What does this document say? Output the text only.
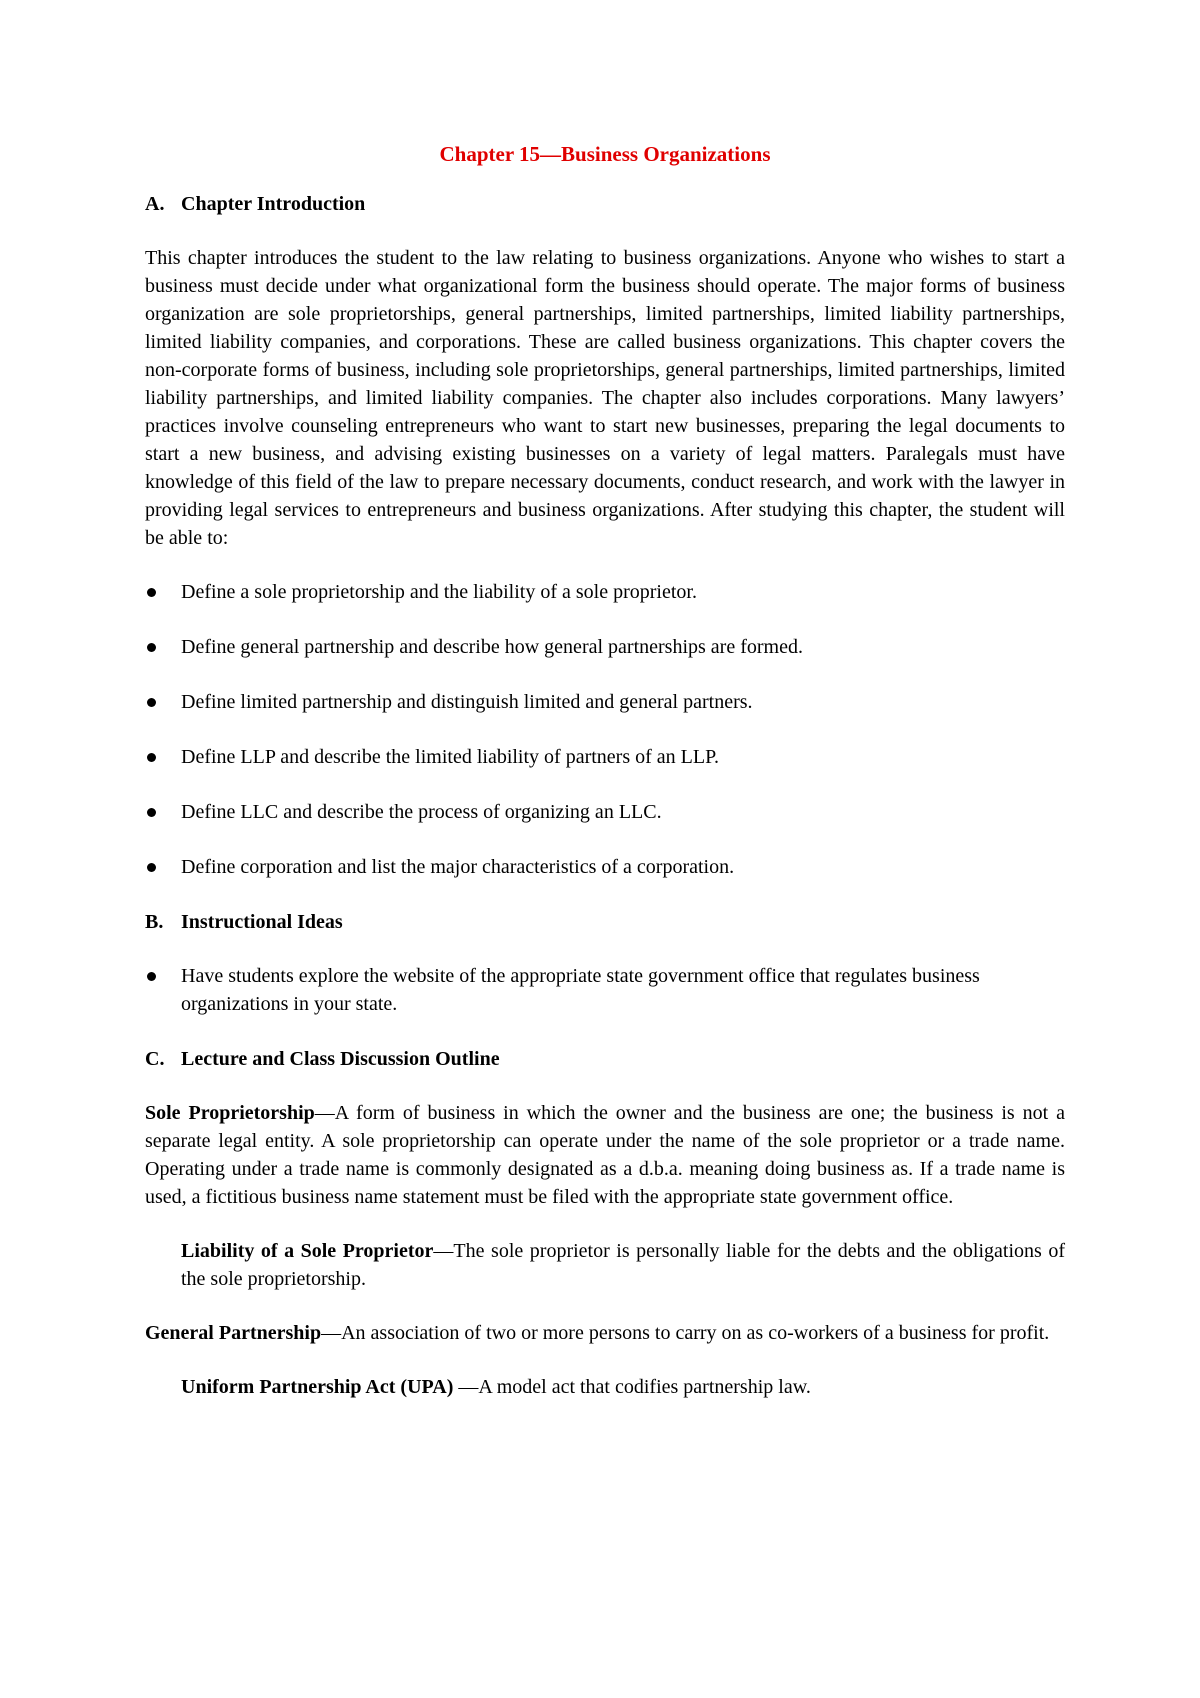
Chapter 15—Business Organizations
A. Chapter Introduction
This chapter introduces the student to the law relating to business organizations. Anyone who wishes to start a business must decide under what organizational form the business should operate. The major forms of business organization are sole proprietorships, general partnerships, limited partnerships, limited liability partnerships, limited liability companies, and corporations. These are called business organizations. This chapter covers the non-corporate forms of business, including sole proprietorships, general partnerships, limited partnerships, limited liability partnerships, and limited liability companies. The chapter also includes corporations. Many lawyers’ practices involve counseling entrepreneurs who want to start new businesses, preparing the legal documents to start a new business, and advising existing businesses on a variety of legal matters. Paralegals must have knowledge of this field of the law to prepare necessary documents, conduct research, and work with the lawyer in providing legal services to entrepreneurs and business organizations. After studying this chapter, the student will be able to:
Define a sole proprietorship and the liability of a sole proprietor.
Define general partnership and describe how general partnerships are formed.
Define limited partnership and distinguish limited and general partners.
Define LLP and describe the limited liability of partners of an LLP.
Define LLC and describe the process of organizing an LLC.
Define corporation and list the major characteristics of a corporation.
B. Instructional Ideas
Have students explore the website of the appropriate state government office that regulates business organizations in your state.
C. Lecture and Class Discussion Outline
Sole Proprietorship—A form of business in which the owner and the business are one; the business is not a separate legal entity. A sole proprietorship can operate under the name of the sole proprietor or a trade name. Operating under a trade name is commonly designated as a d.b.a. meaning doing business as. If a trade name is used, a fictitious business name statement must be filed with the appropriate state government office.
Liability of a Sole Proprietor—The sole proprietor is personally liable for the debts and the obligations of the sole proprietorship.
General Partnership—An association of two or more persons to carry on as co-workers of a business for profit.
Uniform Partnership Act (UPA) —A model act that codifies partnership law.
